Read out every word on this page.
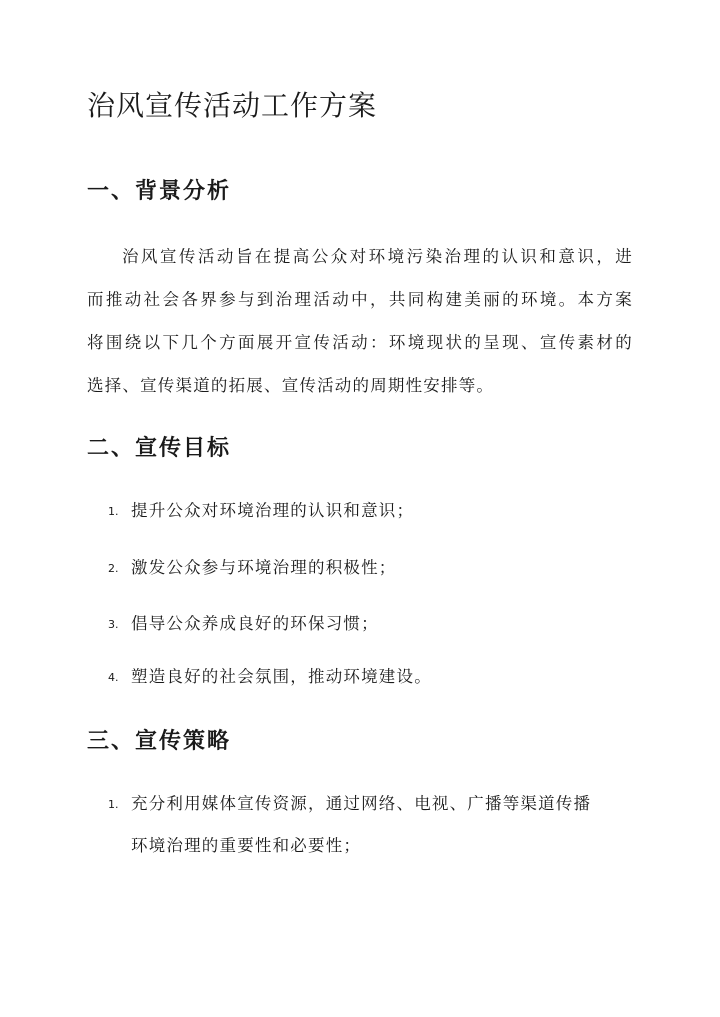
治风宣传活动工作方案
一、背景分析
治风宣传活动旨在提高公众对环境污染治理的认识和意识，进
而推动社会各界参与到治理活动中，共同构建美丽的环境。本方案
将围绕以下几个方面展开宣传活动：环境现状的呈现、宣传素材的
选择、宣传渠道的拓展、宣传活动的周期性安排等。
二、宣传目标
1. 提升公众对环境治理的认识和意识；
2. 激发公众参与环境治理的积极性；
3. 倡导公众养成良好的环保习惯；
4. 塑造良好的社会氛围，推动环境建设。
三、宣传策略
1. 充分利用媒体宣传资源，通过网络、电视、广播等渠道传播
环境治理的重要性和必要性；
